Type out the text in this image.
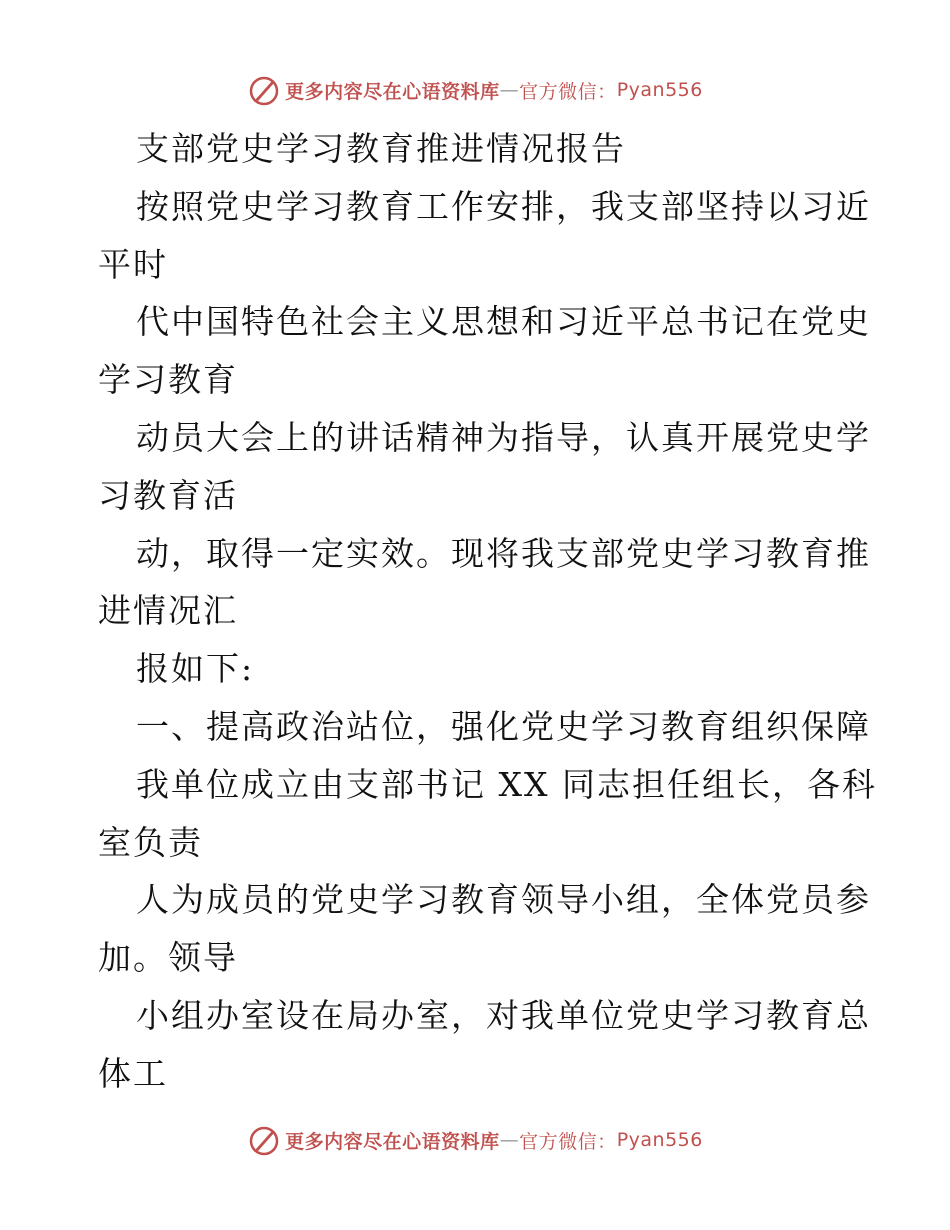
更多内容尽在心语资料库 — 官方微信： Pyan556
支部党史学习教育推进情况报告
按照党史学习教育工作安排，我支部坚持以习近
平时
代中国特色社会主义思想和习近平总书记在党史
学习教育
动员大会上的讲话精神为指导，认真开展党史学
习教育活
动，取得一定实效。现将我支部党史学习教育推
进情况汇
报如下:
一、提高政治站位，强化党史学习教育组织保障
我单位成立由支部书记 XX 同志担任组长，各科
室负责
人为成员的党史学习教育领导小组，全体党员参
加。领导
小组办室设在局办室，对我单位党史学习教育总
体工
更多内容尽在心语资料库 — 官方微信： Pyan556
